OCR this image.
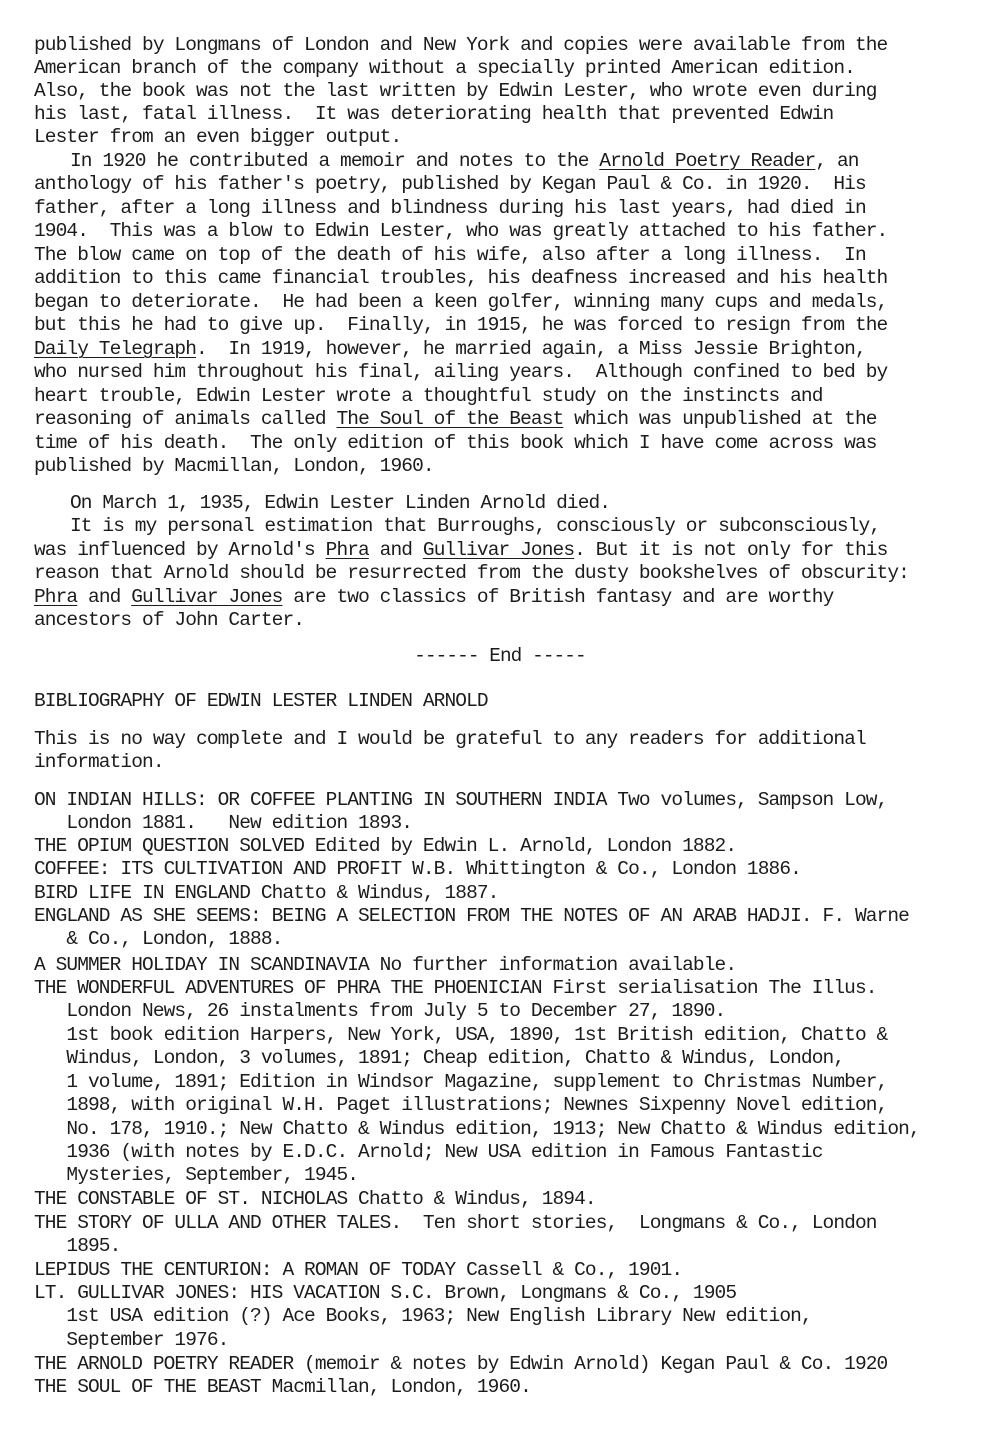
published by Longmans of London and New York and copies were available from the
American branch of the company without a specially printed American edition.
Also, the book was not the last written by Edwin Lester, who wrote even during
his last, fatal illness.  It was deteriorating health that prevented Edwin
Lester from an even bigger output.
In 1920 he contributed a memoir and notes to the Arnold Poetry Reader, an
anthology of his father's poetry, published by Kegan Paul & Co. in 1920.  His
father, after a long illness and blindness during his last years, had died in
1904.  This was a blow to Edwin Lester, who was greatly attached to his father.
The blow came on top of the death of his wife, also after a long illness.  In
addition to this came financial troubles, his deafness increased and his health
began to deteriorate.  He had been a keen golfer, winning many cups and medals,
but this he had to give up.  Finally, in 1915, he was forced to resign from the
Daily Telegraph.  In 1919, however, he married again, a Miss Jessie Brighton,
who nursed him throughout his final, ailing years.  Although confined to bed by
heart trouble, Edwin Lester wrote a thoughtful study on the instincts and
reasoning of animals called The Soul of the Beast which was unpublished at the
time of his death.  The only edition of this book which I have come across was
published by Macmillan, London, 1960.
On March 1, 1935, Edwin Lester Linden Arnold died.
It is my personal estimation that Burroughs, consciously or subconsciously,
was influenced by Arnold's Phra and Gullivar Jones. But it is not only for this
reason that Arnold should be resurrected from the dusty bookshelves of obscurity:
Phra and Gullivar Jones are two classics of British fantasy and are worthy
ancestors of John Carter.
------ End -----
BIBLIOGRAPHY OF EDWIN LESTER LINDEN ARNOLD
This is no way complete and I would be grateful to any readers for additional
information.
ON INDIAN HILLS: OR COFFEE PLANTING IN SOUTHERN INDIA Two volumes, Sampson Low,
London 1881.   New edition 1893.
THE OPIUM QUESTION SOLVED Edited by Edwin L. Arnold, London 1882.
COFFEE: ITS CULTIVATION AND PROFIT W.B. Whittington & Co., London 1886.
BIRD LIFE IN ENGLAND Chatto & Windus, 1887.
ENGLAND AS SHE SEEMS: BEING A SELECTION FROM THE NOTES OF AN ARAB HADJI. F. Warne
& Co., London, 1888.
A SUMMER HOLIDAY IN SCANDINAVIA No further information available.
THE WONDERFUL ADVENTURES OF PHRA THE PHOENICIAN First serialisation The Illus.
London News, 26 instalments from July 5 to December 27, 1890.
1st book edition Harpers, New York, USA, 1890, 1st British edition, Chatto &
Windus, London, 3 volumes, 1891; Cheap edition, Chatto & Windus, London,
1 volume, 1891; Edition in Windsor Magazine, supplement to Christmas Number,
1898, with original W.H. Paget illustrations; Newnes Sixpenny Novel edition,
No. 178, 1910.; New Chatto & Windus edition, 1913; New Chatto & Windus edition,
1936 (with notes by E.D.C. Arnold; New USA edition in Famous Fantastic
Mysteries, September, 1945.
THE CONSTABLE OF ST. NICHOLAS Chatto & Windus, 1894.
THE STORY OF ULLA AND OTHER TALES.  Ten short stories,  Longmans & Co., London
1895.
LEPIDUS THE CENTURION: A ROMAN OF TODAY Cassell & Co., 1901.
LT. GULLIVAR JONES: HIS VACATION S.C. Brown, Longmans & Co., 1905
1st USA edition (?) Ace Books, 1963; New English Library New edition,
September 1976.
THE ARNOLD POETRY READER (memoir & notes by Edwin Arnold) Kegan Paul & Co. 1920
THE SOUL OF THE BEAST Macmillan, London, 1960.
